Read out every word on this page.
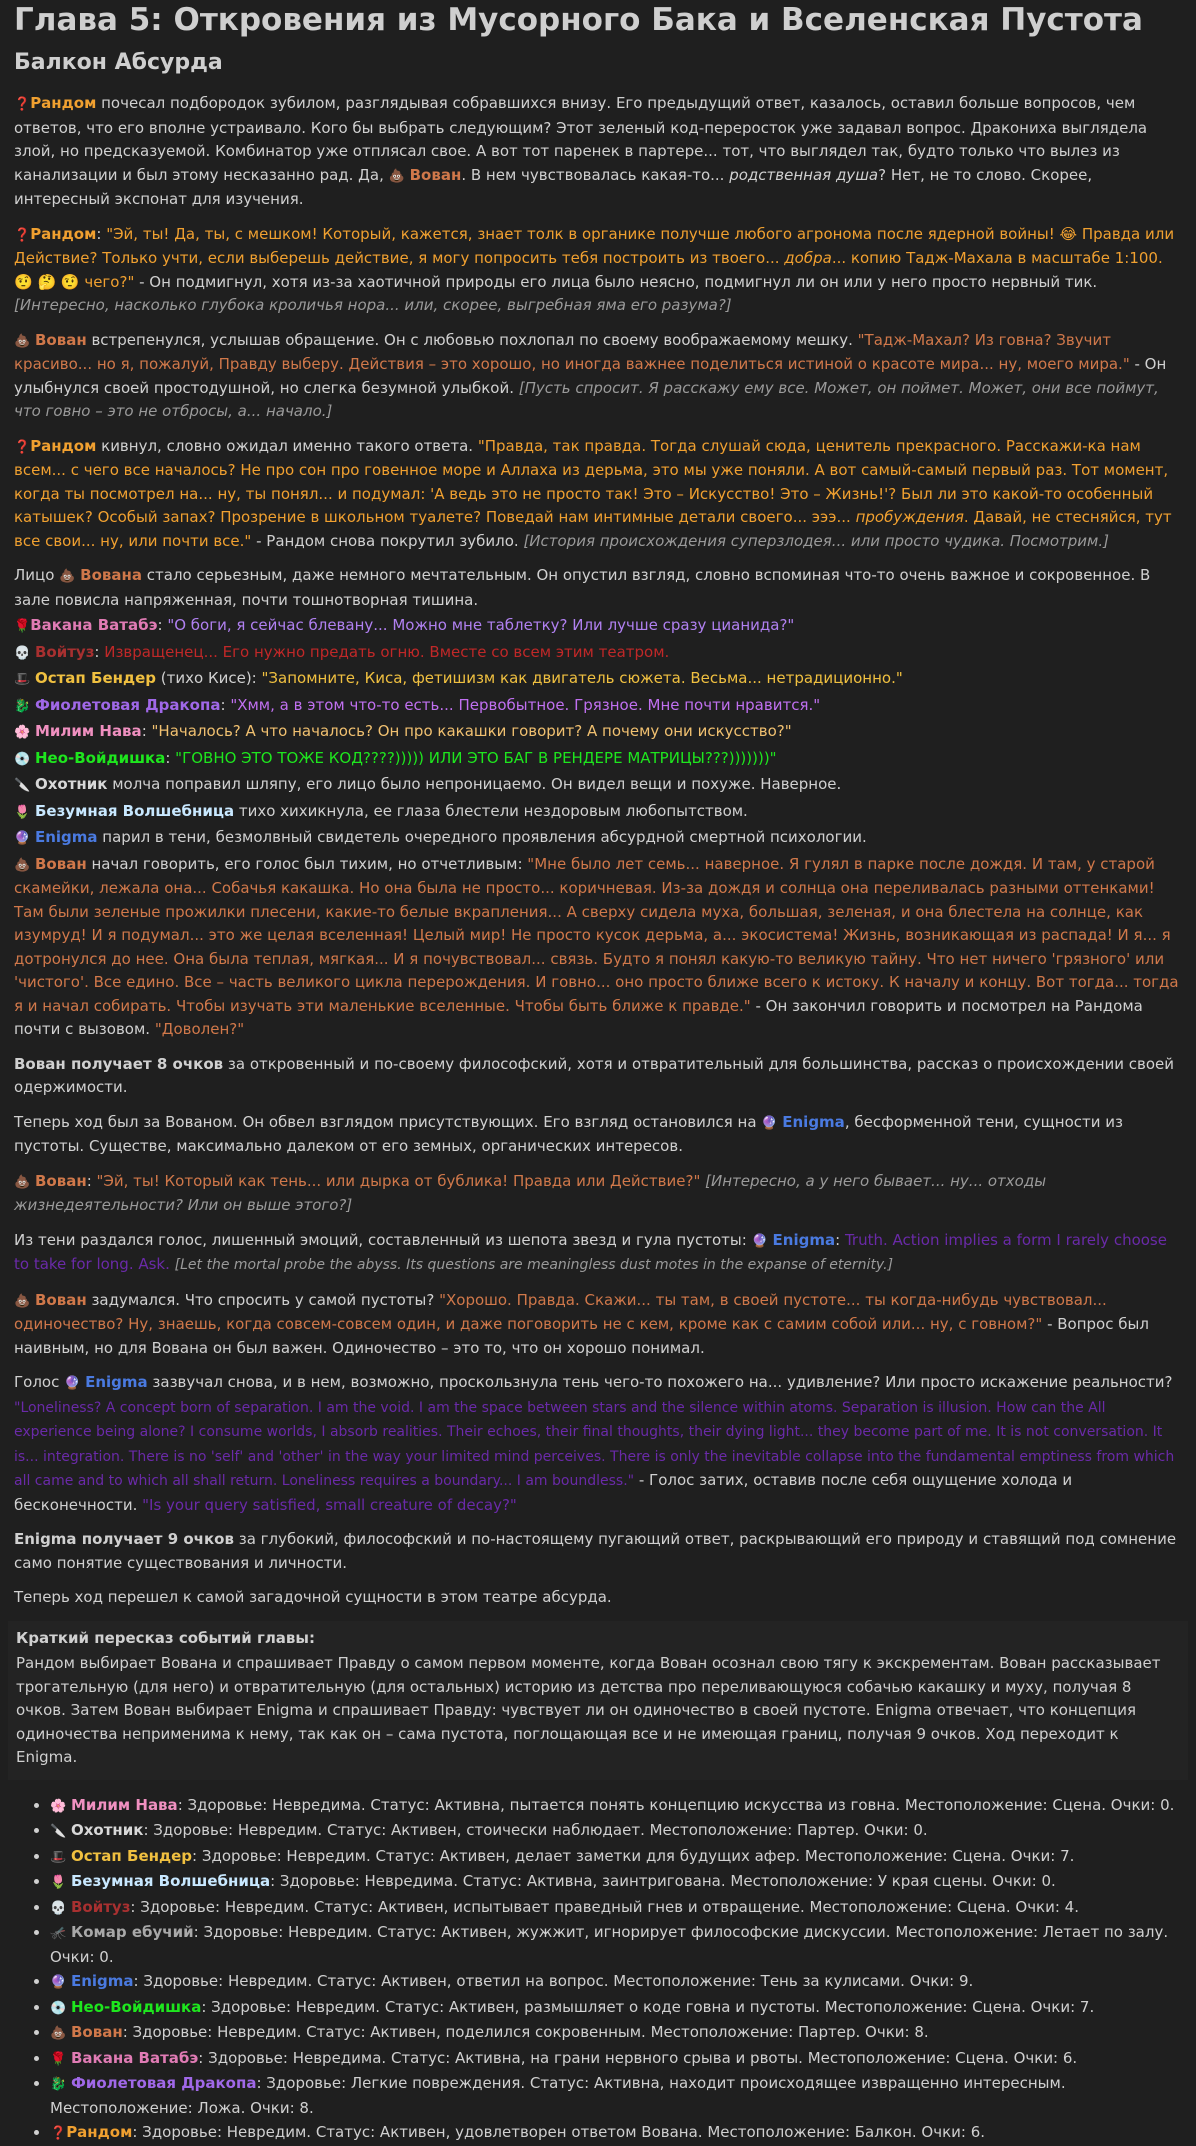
Глава 5: Откровения из Мусорного Бака и Вселенская Пустота
Балкон Абсурда

❓Рандом почесал подбородок зубилом, разглядывая собравшихся внизу. Его предыдущий ответ, казалось, оставил больше вопросов, чем ответов, что его вполне устраивало. Кого бы выбрать следующим? Этот зеленый код-переросток уже задавал вопрос. Дракониха выглядела злой, но предсказуемой. Комбинатор уже отплясал свое. А вот тот паренек в партере... тот, что выглядел так, будто только что вылез из канализации и был этому несказанно рад. Да, 💩 Вован. В нем чувствовалась какая-то... родственная душа? Нет, не то слово. Скорее, интересный экспонат для изучения.

❓Рандом: "Эй, ты! Да, ты, с мешком! Который, кажется, знает толк в органике получше любого агронома после ядерной войны! 😂 Правда или Действие? Только учти, если выберешь действие, я могу попросить тебя построить из твоего... добра... копию Тадж-Махала в масштабе 1:100. 🤨 🤔 🤨 чего?" - Он подмигнул, хотя из-за хаотичной природы его лица было неясно, подмигнул ли он или у него просто нервный тик. [Интересно, насколько глубока кроличья нора... или, скорее, выгребная яма его разума?]

💩 Вован встрепенулся, услышав обращение. Он с любовью похлопал по своему воображаемому мешку. "Тадж-Махал? Из говна? Звучит красиво... но я, пожалуй, Правду выберу. Действия – это хорошо, но иногда важнее поделиться истиной о красоте мира... ну, моего мира." - Он улыбнулся своей простодушной, но слегка безумной улыбкой. [Пусть спросит. Я расскажу ему все. Может, он поймет. Может, они все поймут, что говно – это не отбросы, а... начало.]

❓Рандом кивнул, словно ожидал именно такого ответа. "Правда, так правда. Тогда слушай сюда, ценитель прекрасного. Расскажи-ка нам всем... с чего все началось? Не про сон про говенное море и Аллаха из дерьма, это мы уже поняли. А вот самый-самый первый раз. Тот момент, когда ты посмотрел на... ну, ты понял... и подумал: 'А ведь это не просто так! Это – Искусство! Это – Жизнь!'? Был ли это какой-то особенный катышек? Особый запах? Прозрение в школьном туалете? Поведай нам интимные детали своего... эээ... пробуждения. Давай, не стесняйся, тут все свои... ну, или почти все." - Рандом снова покрутил зубило. [История происхождения суперзлодея... или просто чудика. Посмотрим.]

Лицо 💩 Вована стало серьезным, даже немного мечтательным. Он опустил взгляд, словно вспоминая что-то очень важное и сокровенное. В зале повисла напряженная, почти тошнотворная тишина.

🌹Вакана Ватабэ: "О боги, я сейчас блевану... Можно мне таблетку? Или лучше сразу цианида?"
💀 Войтуз: Извращенец... Его нужно предать огню. Вместе со всем этим театром.
🎩 Остап Бендер (тихо Кисе): "Запомните, Киса, фетишизм как двигатель сюжета. Весьма... нетрадиционно."
🐉 Фиолетовая Дракопа: "Хмм, а в этом что-то есть... Первобытное. Грязное. Мне почти нравится."
🌸 Милим Нава: "Началось? А что началось? Он про какашки говорит? А почему они искусство?"
💿 Нео-Войдишка: "ГОВНО ЭТО ТОЖЕ КОД????))))) ИЛИ ЭТО БАГ В РЕНДЕРЕ МАТРИЦЫ???)))))))"
🔪 Охотник молча поправил шляпу, его лицо было непроницаемо. Он видел вещи и похуже. Наверное.
🌷 Безумная Волшебница тихо хихикнула, ее глаза блестели нездоровым любопытством.
🔮 Enigma парил в тени, безмолвный свидетель очередного проявления абсурдной смертной психологии.

💩 Вован начал говорить, его голос был тихим, но отчетливым: "Мне было лет семь... наверное. Я гулял в парке после дождя. И там, у старой скамейки, лежала она... Собачья какашка. Но она была не просто... коричневая. Из-за дождя и солнца она переливалась разными оттенками! Там были зеленые прожилки плесени, какие-то белые вкрапления... А сверху сидела муха, большая, зеленая, и она блестела на солнце, как изумруд! И я подумал... это же целая вселенная! Целый мир! Не просто кусок дерьма, а... экосистема! Жизнь, возникающая из распада! И я... я дотронулся до нее. Она была теплая, мягкая... И я почувствовал... связь. Будто я понял какую-то великую тайну. Что нет ничего 'грязного' или 'чистого'. Все едино. Все – часть великого цикла перерождения. И говно... оно просто ближе всего к истоку. К началу и концу. Вот тогда... тогда я и начал собирать. Чтобы изучать эти маленькие вселенные. Чтобы быть ближе к правде." - Он закончил говорить и посмотрел на Рандома почти с вызовом. "Доволен?"

Вован получает 8 очков за откровенный и по-своему философский, хотя и отвратительный для большинства, рассказ о происхождении своей одержимости.

Теперь ход был за Вованом. Он обвел взглядом присутствующих. Его взгляд остановился на 🔮 Enigma, бесформенной тени, сущности из пустоты. Существе, максимально далеком от его земных, органических интересов.

💩 Вован: "Эй, ты! Который как тень... или дырка от бублика! Правда или Действие?" [Интересно, а у него бывает... ну... отходы жизнедеятельности? Или он выше этого?]

Из тени раздался голос, лишенный эмоций, составленный из шепота звезд и гула пустоты: 🔮 Enigma: Truth. Action implies a form I rarely choose to take for long. Ask. [Let the mortal probe the abyss. Its questions are meaningless dust motes in the expanse of eternity.]

💩 Вован задумался. Что спросить у самой пустоты? "Хорошо. Правда. Скажи... ты там, в своей пустоте... ты когда-нибудь чувствовал... одиночество? Ну, знаешь, когда совсем-совсем один, и даже поговорить не с кем, кроме как с самим собой или... ну, с говном?" - Вопрос был наивным, но для Вована он был важен. Одиночество – это то, что он хорошо понимал.

Голос 🔮 Enigma зазвучал снова, и в нем, возможно, проскользнула тень чего-то похожего на... удивление? Или просто искажение реальности? "Loneliness? A concept born of separation. I am the void. I am the space between stars and the silence within atoms. Separation is illusion. How can the All experience being alone? I consume worlds, I absorb realities. Their echoes, their final thoughts, their dying light... they become part of me. It is not conversation. It is... integration. There is no 'self' and 'other' in the way your limited mind perceives. There is only the inevitable collapse into the fundamental emptiness from which all came and to which all shall return. Loneliness requires a boundary... I am boundless." - Голос затих, оставив после себя ощущение холода и бесконечности. "Is your query satisfied, small creature of decay?"

Enigma получает 9 очков за глубокий, философский и по-настоящему пугающий ответ, раскрывающий его природу и ставящий под сомнение само понятие существования и личности.

Теперь ход перешел к самой загадочной сущности в этом театре абсурда.

Краткий пересказ событий главы:
Рандом выбирает Вована и спрашивает Правду о самом первом моменте, когда Вован осознал свою тягу к экскрементам. Вован рассказывает трогательную (для него) и отвратительную (для остальных) историю из детства про переливающуюся собачью какашку и муху, получая 8 очков. Затем Вован выбирает Enigma и спрашивает Правду: чувствует ли он одиночество в своей пустоте. Enigma отвечает, что концепция одиночества неприменима к нему, так как он – сама пустота, поглощающая все и не имеющая границ, получая 9 очков. Ход переходит к Enigma.
• 🌸 Милим Нава: Здоровье: Невредима. Статус: Активна, пытается понять концепцию искусства из говна. Местоположение: Сцена. Очки: 0.
• 🔪 Охотник: Здоровье: Невредим. Статус: Активен, стоически наблюдает. Местоположение: Партер. Очки: 0.
• 🎩 Остап Бендер: Здоровье: Невредим. Статус: Активен, делает заметки для будущих афер. Местоположение: Сцена. Очки: 7.
• 🌷 Безумная Волшебница: Здоровье: Невредима. Статус: Активна, заинтригована. Местоположение: У края сцены. Очки: 0.
• 💀 Войтуз: Здоровье: Невредим. Статус: Активен, испытывает праведный гнев и отвращение. Местоположение: Сцена. Очки: 4.
• 🦟 Комар ебучий: Здоровье: Невредим. Статус: Активен, жужжит, игнорирует философские дискуссии. Местоположение: Летает по залу. Очки: 0.
• 🔮 Enigma: Здоровье: Невредим. Статус: Активен, ответил на вопрос. Местоположение: Тень за кулисами. Очки: 9.
• 💿 Нео-Войдишка: Здоровье: Невредим. Статус: Активен, размышляет о коде говна и пустоты. Местоположение: Сцена. Очки: 7.
• 💩 Вован: Здоровье: Невредим. Статус: Активен, поделился сокровенным. Местоположение: Партер. Очки: 8.
• 🌹 Вакана Ватабэ: Здоровье: Невредима. Статус: Активна, на грани нервного срыва и рвоты. Местоположение: Сцена. Очки: 6.
• 🐉 Фиолетовая Дракопа: Здоровье: Легкие повреждения. Статус: Активна, находит происходящее извращенно интересным. Местоположение: Ложа. Очки: 8.
• ❓Рандом: Здоровье: Невредим. Статус: Активен, удовлетворен ответом Вована. Местоположение: Балкон. Очки: 6.
